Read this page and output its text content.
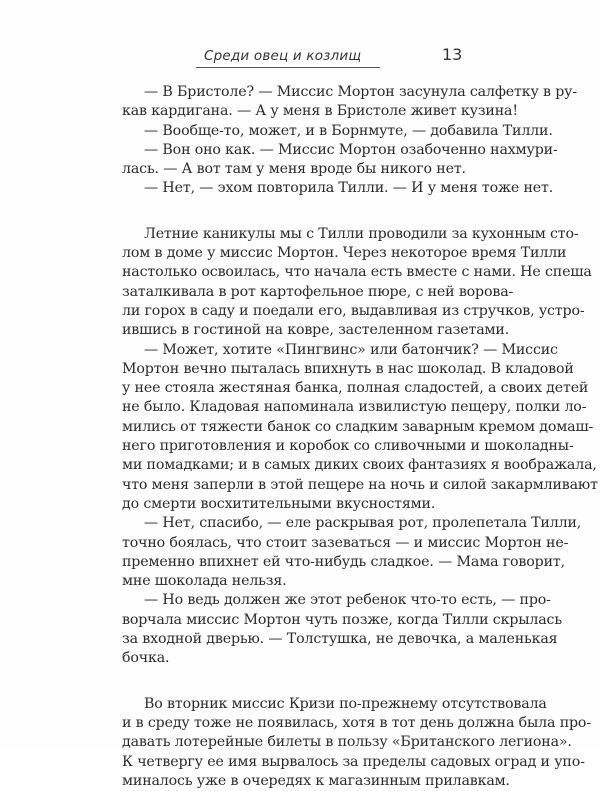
Среди овец и козлищ	13
— В Бристоле? — Миссис Мортон засунула салфетку в ру-
кав кардигана. — А у меня в Бристоле живет кузина!
— Вообще-то, может, и в Борнмуте, — добавила Тилли.
— Вон оно как. — Миссис Мортон озабоченно нахмури-
лась. — А вот там у меня вроде бы никого нет.
— Нет, — эхом повторила Тилли. — И у меня тоже нет.
Летние каникулы мы с Тилли проводили за кухонным сто-
лом в доме у миссис Мортон. Через некоторое время Тилли
настолько освоилась, что начала есть вместе с нами. Не спеша
заталкивала в рот картофельное пюре, с ней воровa-
ли горох в саду и поедали его, выдавливая из стручков, устро-
ившись в гостиной на ковре, застеленном газетами.
— Может, хотите «Пингвинс» или батончик? — Миссис
Мортон вечно пыталась впихнуть в нас шоколад. В кладовой
у нее стояла жестяная банка, полная сладостей, а своих детей
не было. Кладовая напоминала извилистую пещеру, полки ло-
мились от тяжести банок со сладким заварным кремом домаш-
него приготовления и коробок со сливочными и шоколадны-
ми помадками; и в самых диких своих фантазиях я воображала,
что меня заперли в этой пещере на ночь и силой закармливают
до смерти восхитительными вкусностями.
— Нет, спасибо, — еле раскрывая рот, пролепетала Тилли,
точно боялась, что стоит зазеваться — и миссис Мортон не-
пременно впихнет ей что-нибудь сладкое. — Мама говорит,
мне шоколада нельзя.
— Но ведь должен же этот ребенок что-то есть, — про-
ворчала миссис Мортон чуть позже, когда Тилли скрылась
за входной дверью. — Толстушка, не девочка, а маленькая
бочка.
Во вторник миссис Кризи по-прежнему отсутствовала
и в среду тоже не появилась, хотя в тот день должна была про-
давать лотерейные билеты в пользу «Британского легиона».
К четвергу ее имя вырвалось за пределы садовых оград и упо-
миналось уже в очередях к магазинным прилавкам.
